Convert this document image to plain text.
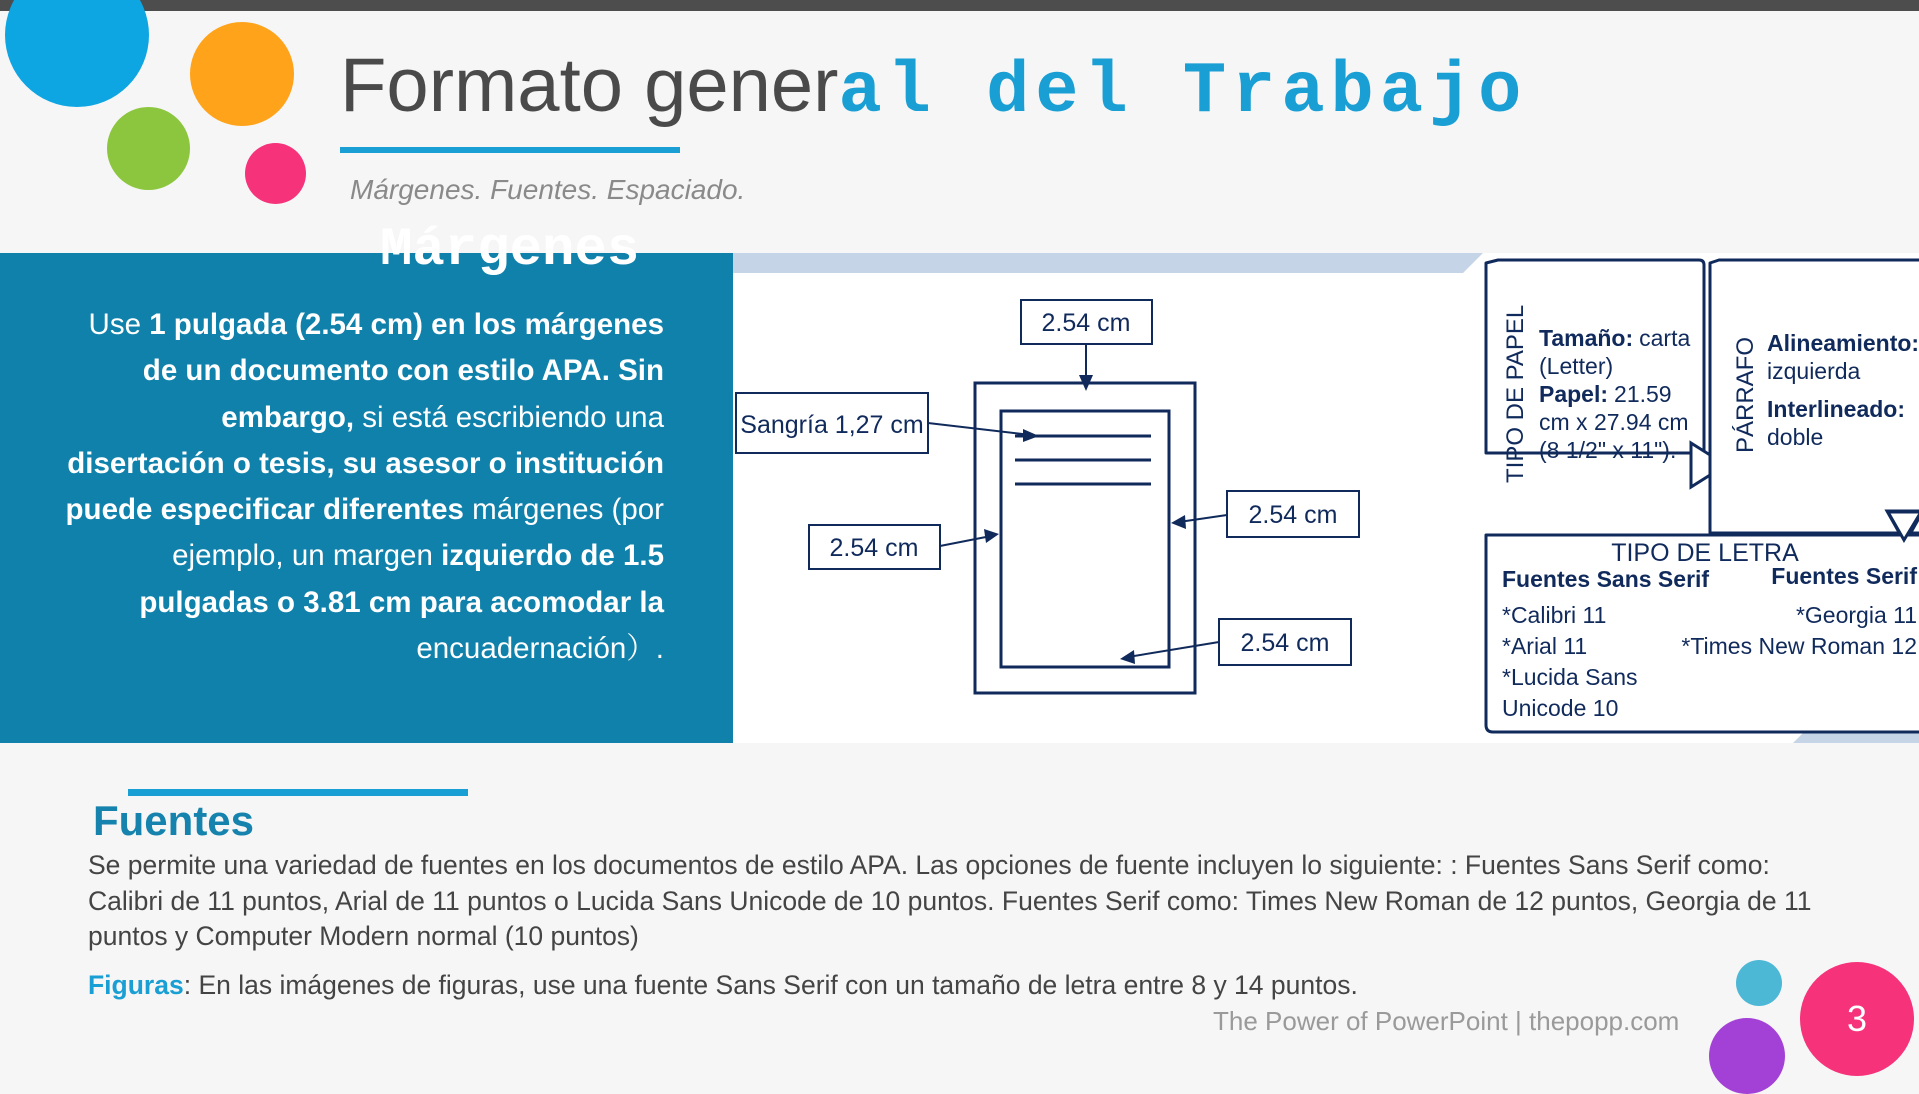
Formato general del Trabajo
Márgenes. Fuentes. Espaciado.
Márgenes
Use 1 pulgada (2.54 cm) en los márgenes de un documento con estilo APA. Sin embargo, si está escribiendo una disertación o tesis, su asesor o institución puede especificar diferentes márgenes (por ejemplo, un margen izquierdo de 1.5 pulgadas o 3.81 cm para acomodar la encuadernación）.
2.54 cm
Sangría 1,27 cm
2.54 cm
2.54 cm
2.54 cm
TIPO DE PAPEL Tamaño: carta
(Letter)
Papel: 21.59
cm x 27.94 cm
(8 1/2" x 11"). PÁRRAFO Alineamiento:
izquierda
Interlineado:
doble
TIPO DE LETRA
Fuentes Sans Serif
*Calibri 11
*Arial 11
*Lucida Sans
Unicode 10
Fuentes Serif
*Georgia 11
*Times New Roman 12
Fuentes
Se permite una variedad de fuentes en los documentos de estilo APA. Las opciones de fuente incluyen lo siguiente: : Fuentes Sans Serif como: Calibri de 11 puntos, Arial de 11 puntos o Lucida Sans Unicode de 10 puntos. Fuentes Serif como: Times New Roman de 12 puntos, Georgia de 11 puntos y Computer Modern normal (10 puntos)
Figuras: En las imágenes de figuras, use una fuente Sans Serif con un tamaño de letra entre 8 y 14 puntos.
The Power of PowerPoint | thepopp.com	3
